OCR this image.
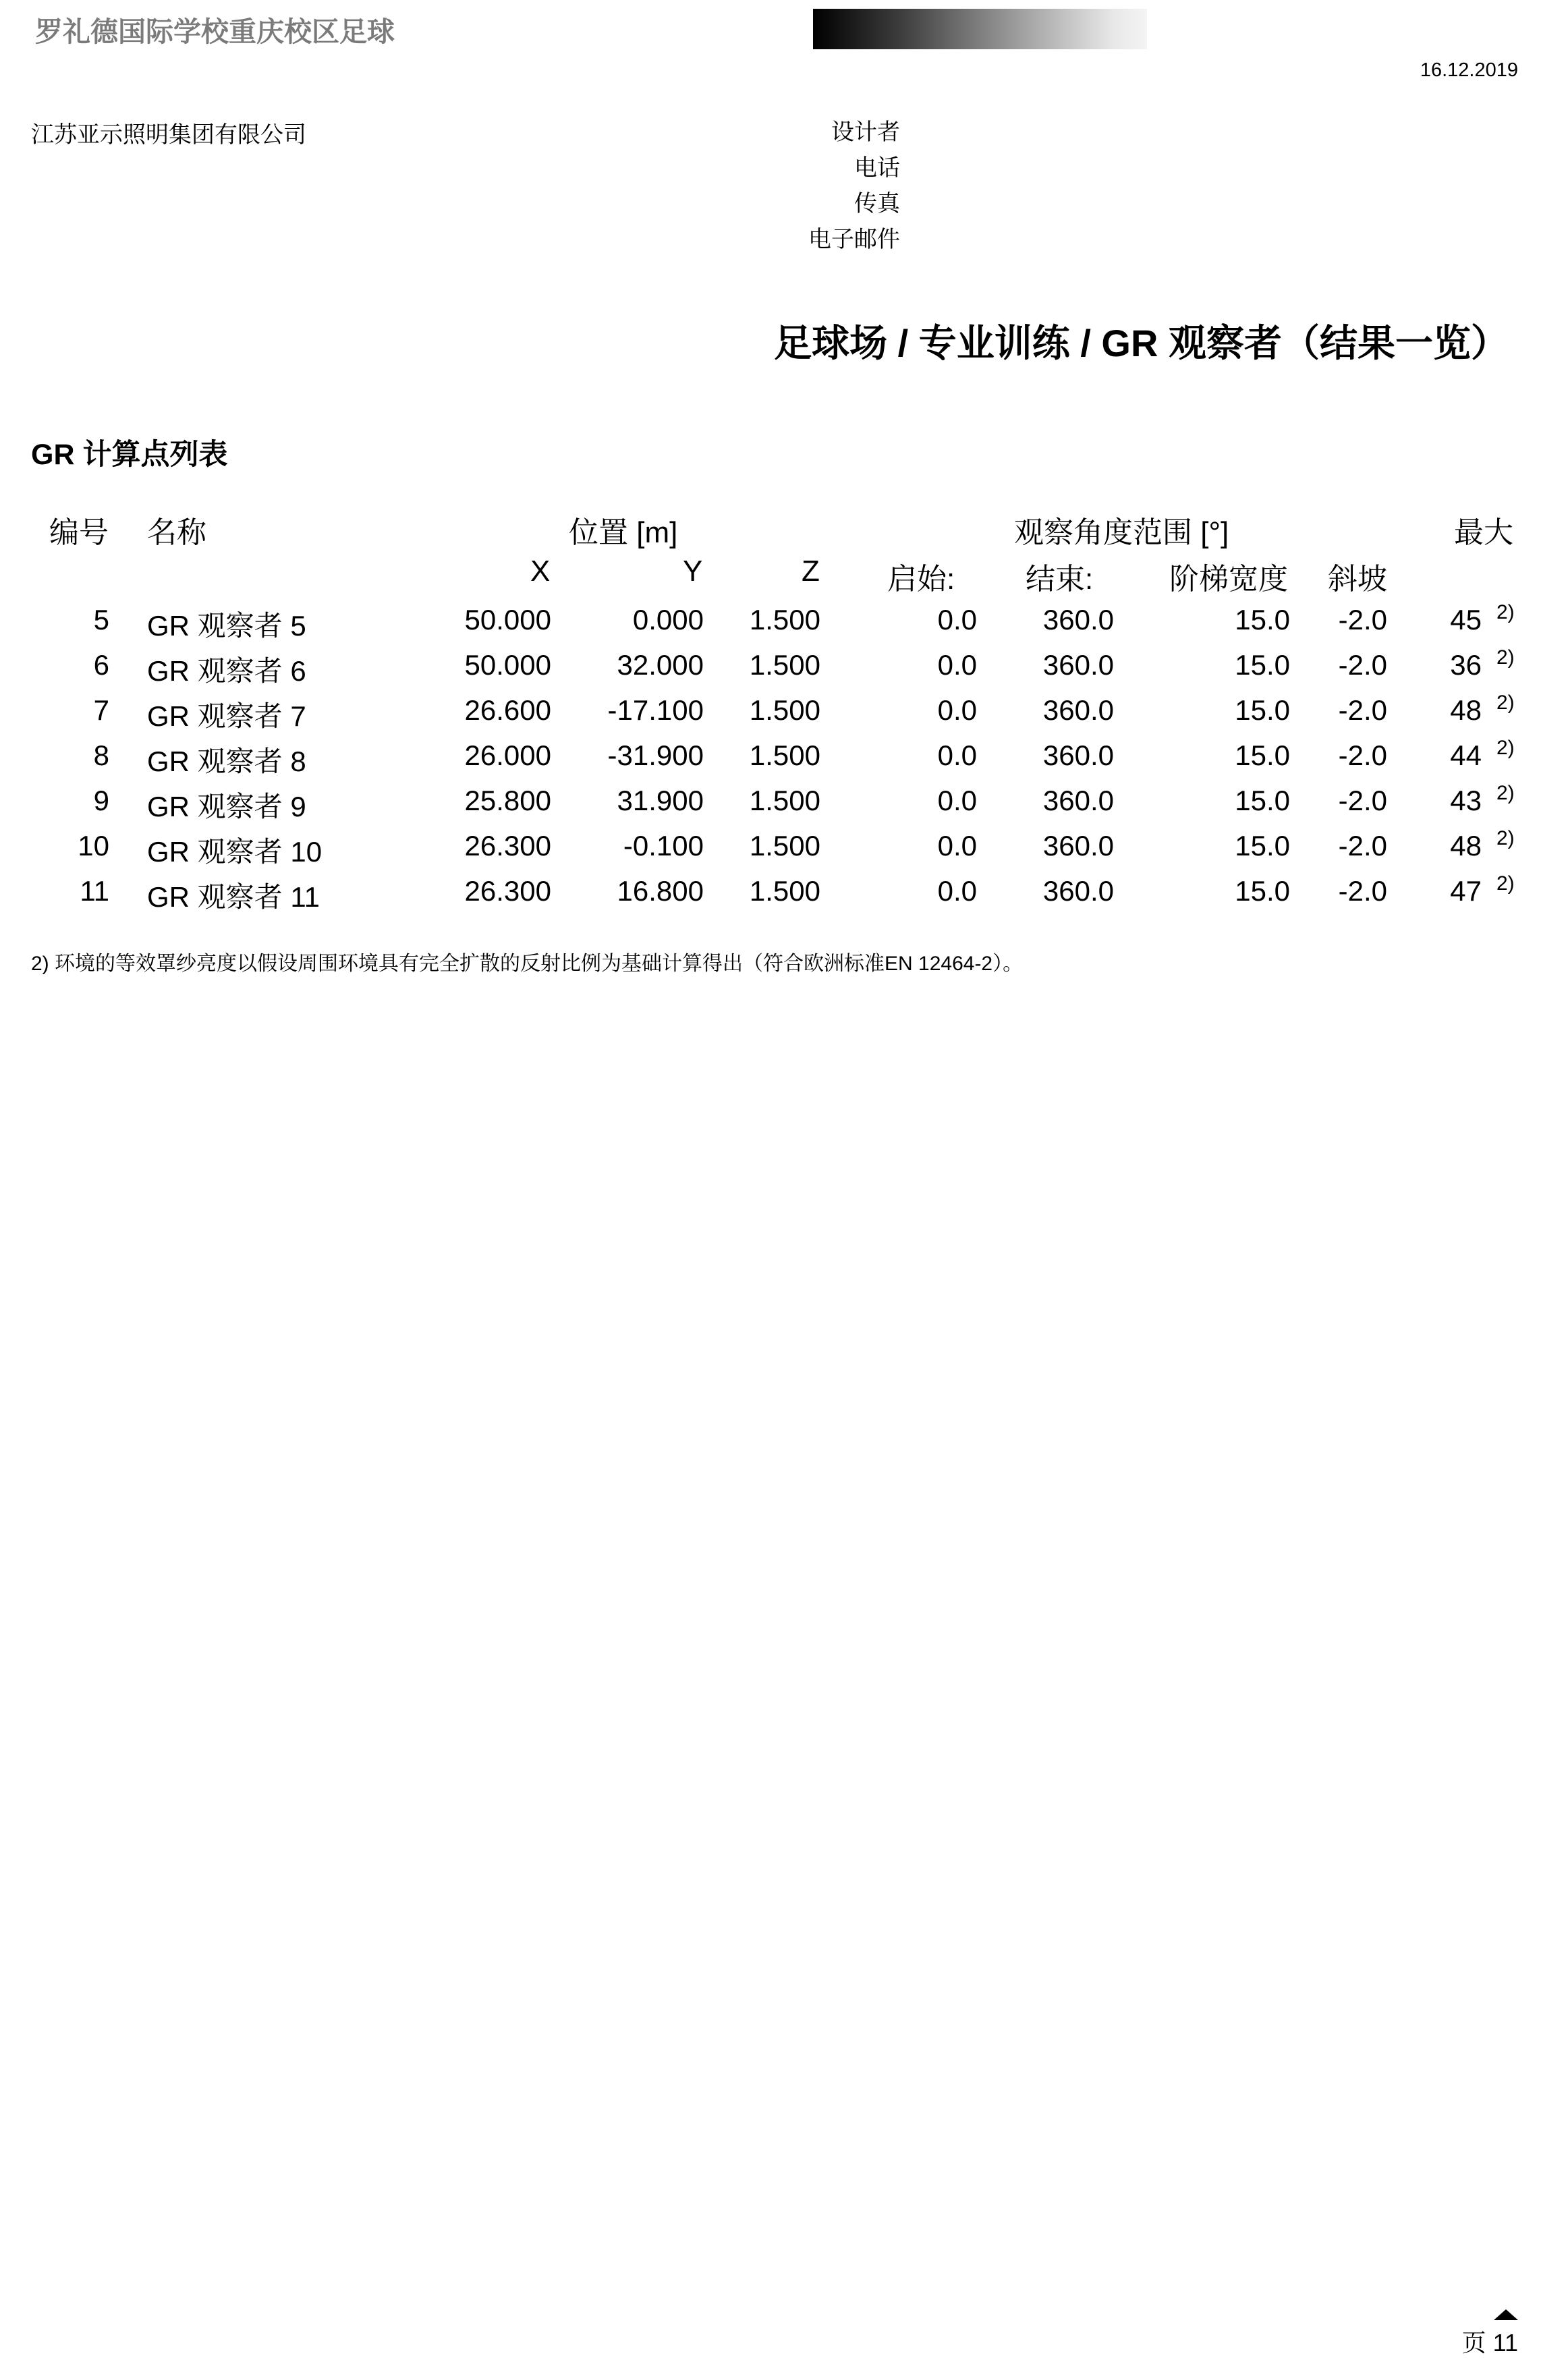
罗礼德国际学校重庆校区足球
16.12.2019
江苏亚示照明集团有限公司	设计者
电话
传真
电子邮件
足球场 / 专业训练 / GR 观察者（结果一览）
GR 计算点列表
编号 名称	位置 [m]	观察角度范围 [°]	最大
X	Y	Z 启始: 结束:	阶梯宽度 斜坡
5 GR 观察者 5	50.000	0.000 1.500	0.0 360.0	15.0 -2.0 45 2)
6 GR 观察者 6	50.000 32.000 1.500	0.0 360.0	15.0 -2.0 36 2)
7 GR 观察者 7	26.600 -17.100 1.500	0.0 360.0	15.0 -2.0 48 2)
8 GR 观察者 8	26.000 -31.900 1.500	0.0 360.0	15.0 -2.0 44 2)
9 GR 观察者 9	25.800 31.900 1.500	0.0 360.0	15.0 -2.0 43 2)
10 GR 观察者 10	26.300	-0.100 1.500	0.0 360.0	15.0 -2.0 48 2)
11 GR 观察者 11	26.300 16.800 1.500	0.0 360.0	15.0 -2.0 47 2)
2) 环境的等效罩纱亮度以假设周围环境具有完全扩散的反射比例为基础计算得出（符合欧洲标准EN 12464-2）。
页 11
